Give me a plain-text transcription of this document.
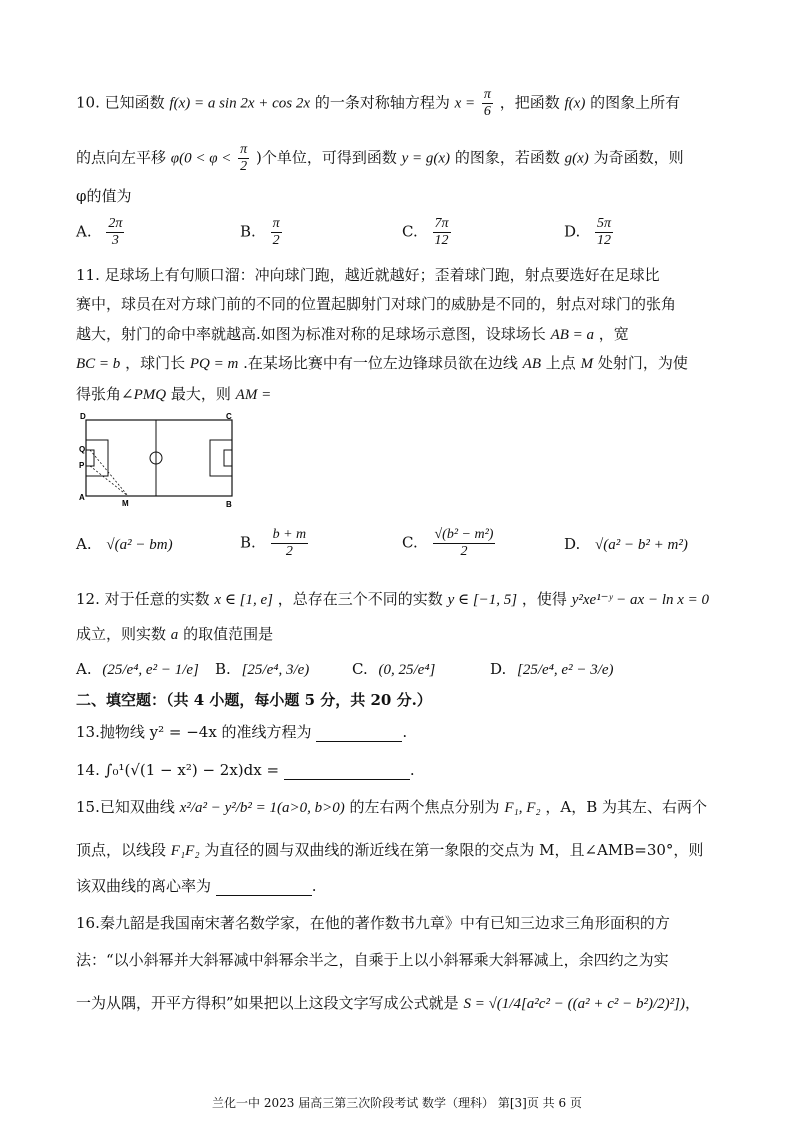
10. 已知函数 f(x) = a sin 2x + cos 2x 的一条对称轴方程为 $x = \frac{\pi}{6}$ ，把函数 f(x) 的图象上所有
的点向左平移 $\varphi(0 < \varphi < \frac{\pi}{2}$ )个单位，可得到函数 y = g(x) 的图象，若函数 g(x) 为奇函数，则
φ的值为
A. $\frac{2\pi}{3}$	B. $\frac{\pi}{2}$	C. $\frac{7\pi}{12}$	D. $\frac{5\pi}{12}$
11. 足球场上有句顺口溜：冲向球门跑，越近就越好；歪着球门跑，射点要选好在足球比
赛中，球员在对方球门前的不同的位置起脚射门对球门的威胁是不同的，射点对球门的张角
越大，射门的命中率就越高.如图为标准对称的足球场示意图，设球场长 AB = a ，宽
BC = b ，球门长 PQ = m .在某场比赛中有一位左边锋球员欲在边线 AB 上点 M 处射门，为使
得张角∠PMQ 最大，则 AM =
D	C
Q
P
A
M	B
A. √(a² − bm)	B. $\frac{b + m}{2}$	C. $\frac{\text{√(b² − m²)}}{2}$	D. √(a² − b² + m²)
12. 对于任意的实数 x ∈ [1, e] ，总存在三个不同的实数 y ∈ [−1, 5] ，使得 y²xe¹⁻ʸ − ax − ln x = 0
成立，则实数 a 的取值范围是
A. (25/e⁴, e² − 1/e] B. [25/e⁴, 3/e)	C. (0, 25/e⁴]	D. [25/e⁴, e² − 3/e)
二、填空题：（共 4 小题，每小题 5 分，共 20 分.）
13.抛物线 y² = −4x 的准线方程为	.
14. ∫₀¹(√(1 − x²) − 2x)dx =	.
15.已知双曲线 x²/a² − y²/b² = 1(a>0, b>0) 的左右两个焦点分别为 F₁, F₂ ，A，B 为其左、右两个
顶点，以线段 F₁F₂ 为直径的圆与双曲线的渐近线在第一象限的交点为 M，且∠AMB=30°，则
该双曲线的离心率为	.
16.秦九韶是我国南宋著名数学家，在他的著作数书九章》中有已知三边求三角形面积的方
法：“以小斜幂并大斜幂减中斜幂余半之，自乘于上以小斜幂乘大斜幂减上，余四约之为实
一为从隅，开平方得积”如果把以上这段文字写成公式就是 S = √(1/4[a²c² − ((a² + c² − b²)/2)²])，
兰化一中 2023 届高三第三次阶段考试 数学（理科） 第[3]页 共 6 页
